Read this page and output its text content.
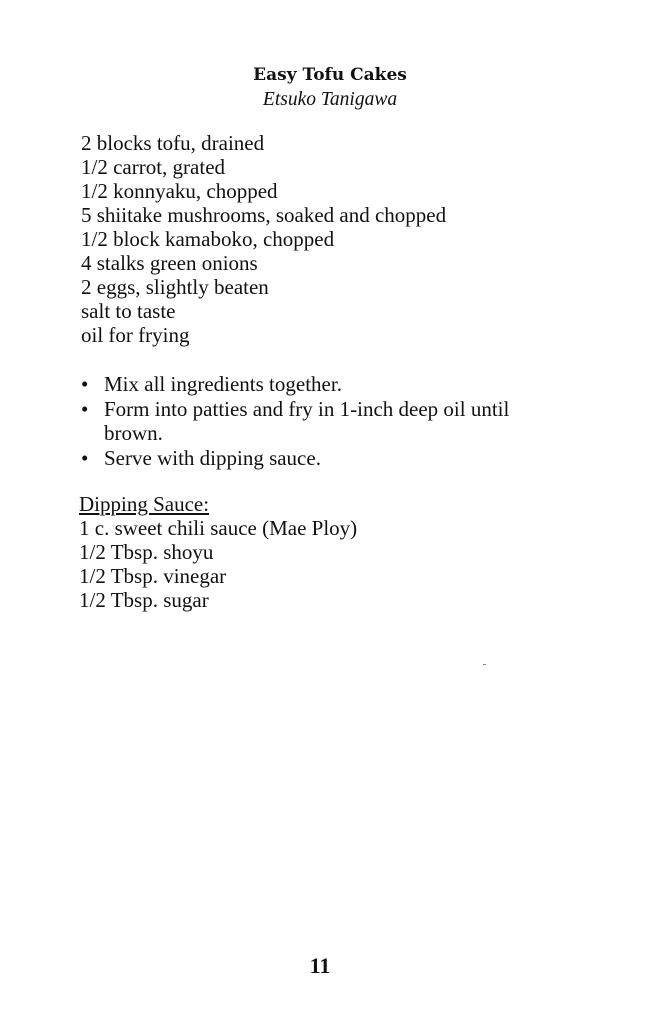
Easy Tofu Cakes
Etsuko Tanigawa
2 blocks tofu, drained
1/2 carrot, grated
1/2 konnyaku, chopped
5 shiitake mushrooms, soaked and chopped
1/2 block kamaboko, chopped
4 stalks green onions
2 eggs, slightly beaten
salt to taste
oil for frying
• Mix all ingredients together.
• Form into patties and fry in 1-inch deep oil until brown.
• Serve with dipping sauce.
Dipping Sauce:
1 c. sweet chili sauce (Mae Ploy)
1/2 Tbsp. shoyu
1/2 Tbsp. vinegar
1/2 Tbsp. sugar
11
